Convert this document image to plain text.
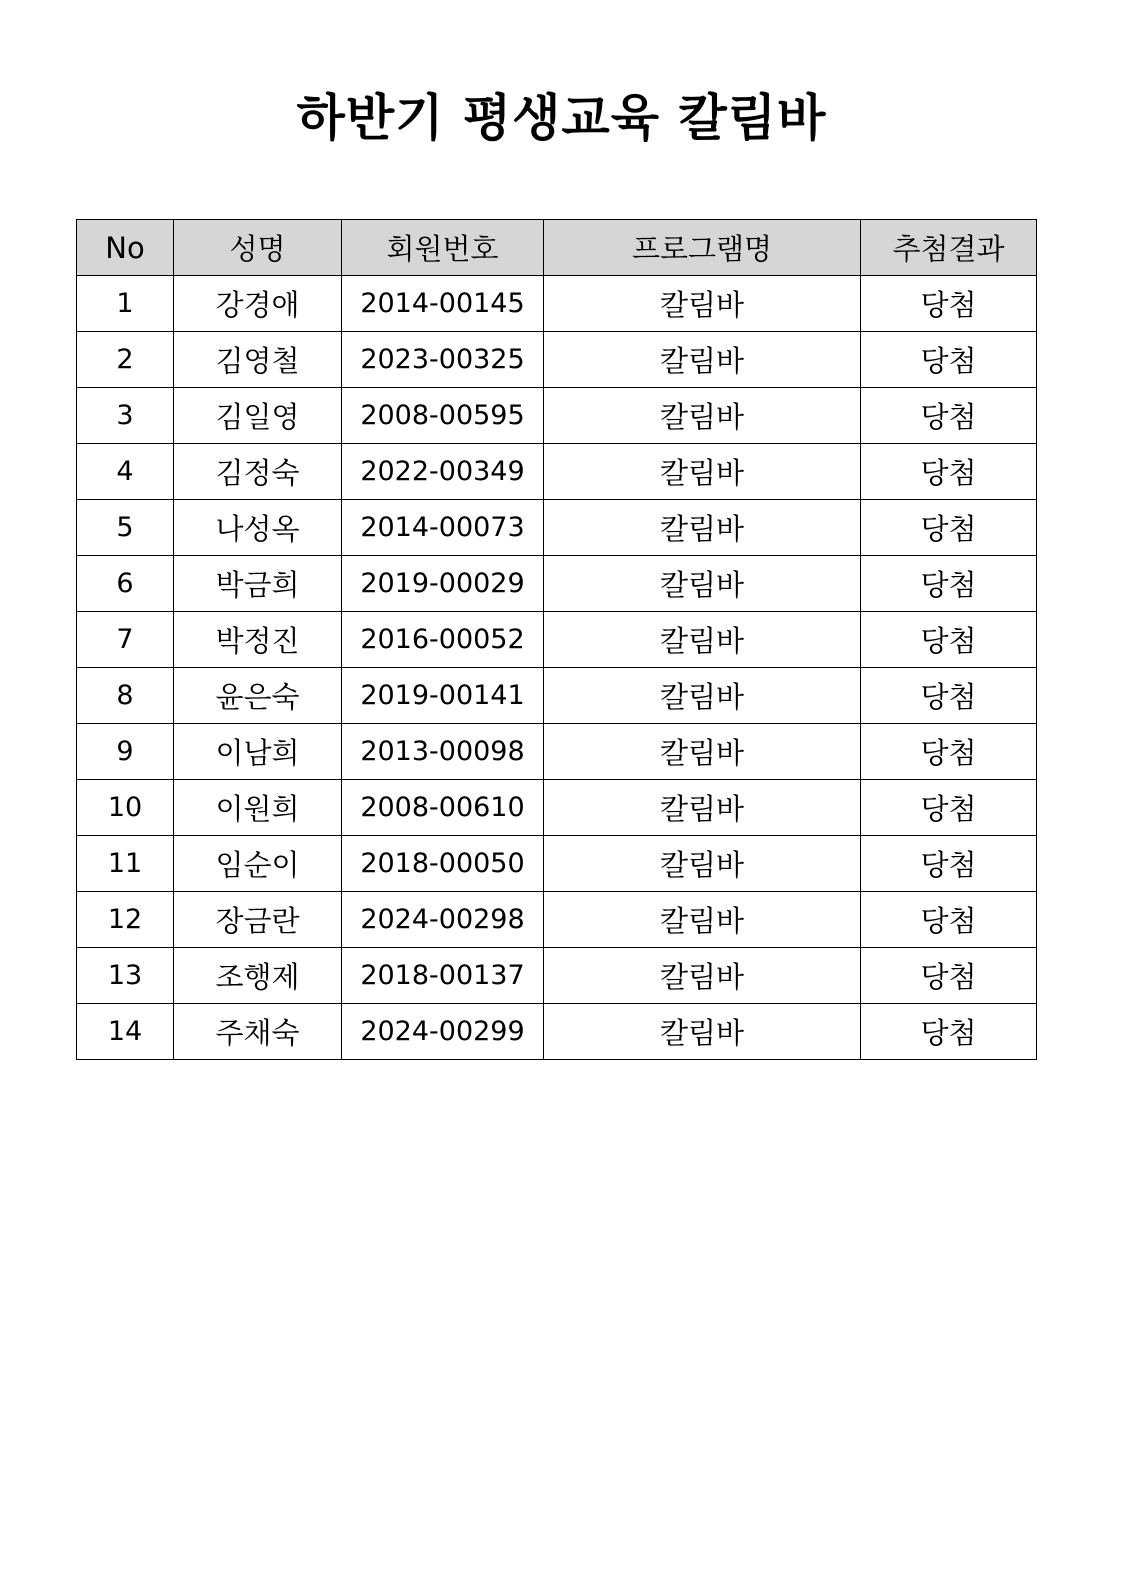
하반기 평생교육 칼림바
No	성명	회원번호	프로그램명	추첨결과
1	강경애	2014-00145	칼림바	당첨
2	김영철	2023-00325	칼림바	당첨
3	김일영	2008-00595	칼림바	당첨
4	김정숙	2022-00349	칼림바	당첨
5	나성옥	2014-00073	칼림바	당첨
6	박금희	2019-00029	칼림바	당첨
7	박정진	2016-00052	칼림바	당첨
8	윤은숙	2019-00141	칼림바	당첨
9	이남희	2013-00098	칼림바	당첨
10	이원희	2008-00610	칼림바	당첨
11	임순이	2018-00050	칼림바	당첨
12	장금란	2024-00298	칼림바	당첨
13	조행제	2018-00137	칼림바	당첨
14	주채숙	2024-00299	칼림바	당첨
